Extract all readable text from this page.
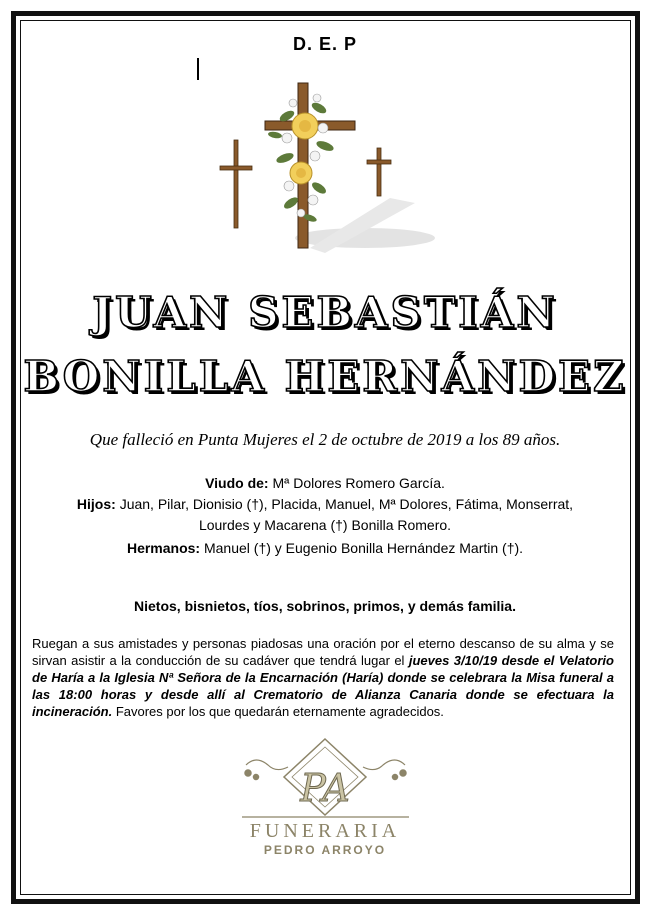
D. E. P
JUAN SEBASTIÁN
BONILLA HERNÁNDEZ
Que falleció en Punta Mujeres el 2 de octubre de 2019 a los 89 años.
Viudo de: Mª Dolores Romero García.
Hijos: Juan, Pilar, Dionisio (†), Placida, Manuel, Mª Dolores, Fátima, Monserrat,
Lourdes y Macarena (†) Bonilla Romero.
Hermanos: Manuel (†) y Eugenio Bonilla Hernández Martin (†).
Nietos, bisnietos, tíos, sobrinos, primos, y demás familia.
Ruegan a sus amistades y personas piadosas una oración por el eterno descanso de su alma y se sirvan asistir a la conducción de su cadáver que tendrá lugar el jueves 3/10/19 desde el Velatorio de Haría a la Iglesia Nª Señora de la Encarnación (Haría) donde se celebrara la Misa funeral a las 18:00 horas y desde allí al Crematorio de Alianza Canaria donde se efectuara la incineración. Favores por los que quedarán eternamente agradecidos.
PA
FUNERARIA
PEDRO ARROYO
